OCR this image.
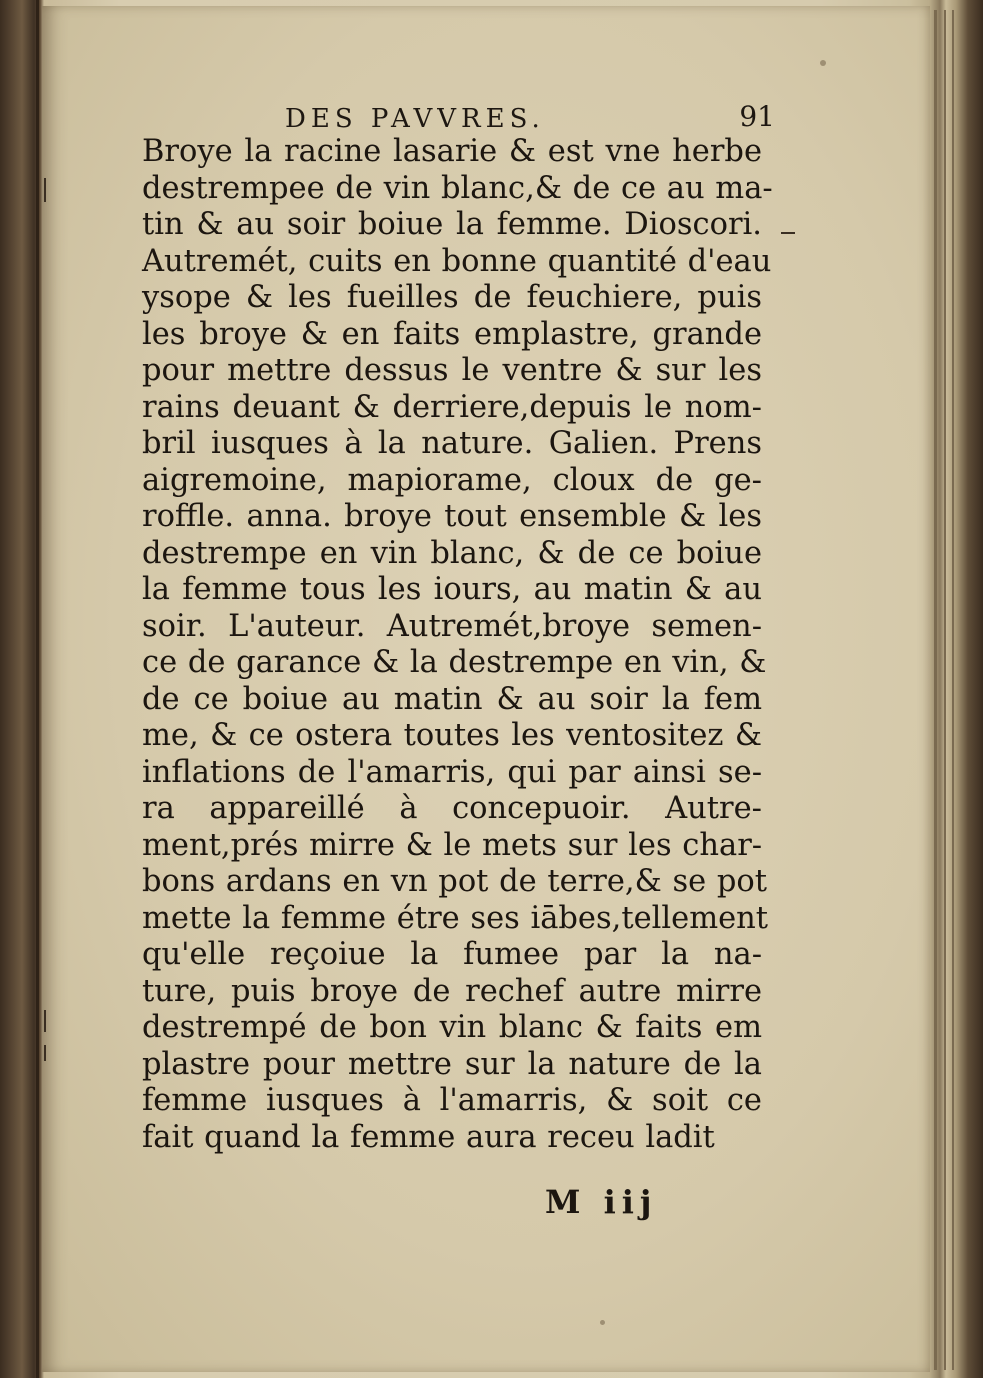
DES PAVVRES.	91
Broye la racine lasarie & est vne herbe
destrempee de vin blanc,& de ce au ma-
tin & au soir boiue la femme. Dioscori.
Autremét, cuits en bonne quantité d'eau
ysope & les fueilles de feuchiere, puis
les broye & en faits emplastre, grande
pour mettre dessus le ventre & sur les
rains deuant & derriere,depuis le nom-
bril iusques à la nature. Galien. Prens
aigremoine, mapiorame, cloux de ge-
roffle. anna. broye tout ensemble & les
destrempe en vin blanc, & de ce boiue
la femme tous les iours, au matin & au
soir. L'auteur. Autremét,broye semen-
ce de garance & la destrempe en vin, &
de ce boiue au matin & au soir la fem
me, & ce ostera toutes les ventositez &
inflations de l'amarris, qui par ainsi se-
ra appareillé à concepuoir. Autre-
ment,prés mirre & le mets sur les char-
bons ardans en vn pot de terre,& se pot
mette la femme étre ses iābes,tellement
qu'elle reçoiue la fumee par la na-
ture, puis broye de rechef autre mirre
destrempé de bon vin blanc & faits em
plastre pour mettre sur la nature de la
femme iusques à l'amarris, & soit ce
fait quand la femme aura receu ladit
M iij
